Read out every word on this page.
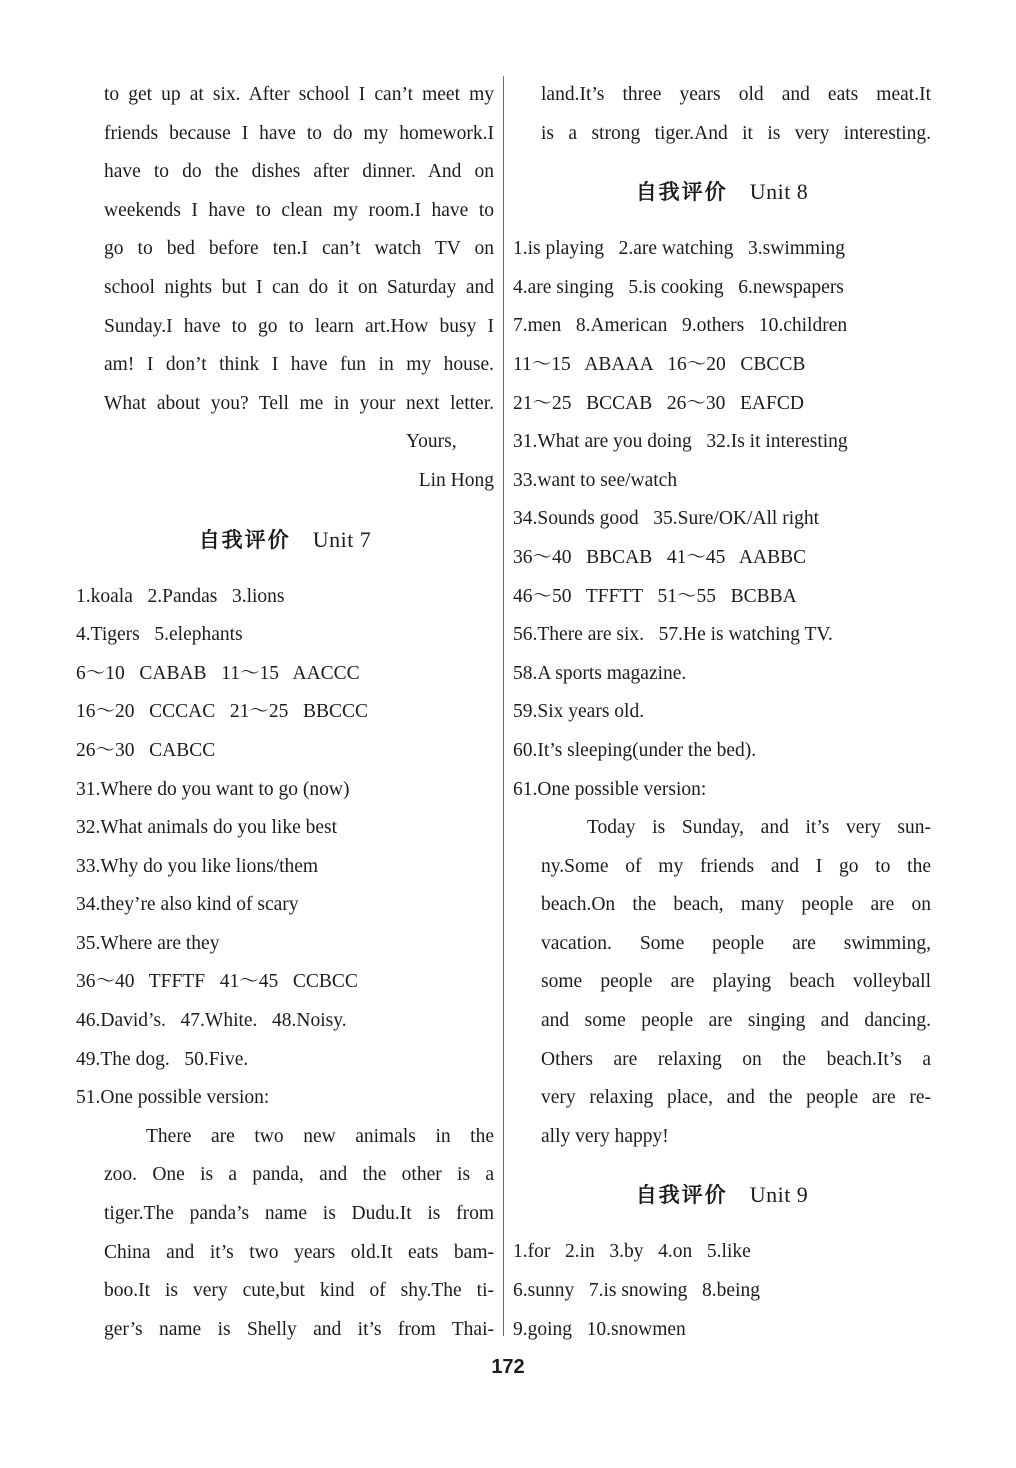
to get up at six. After school I can’t meet my
friends because I have to do my homework.I
have to do the dishes after dinner. And on
weekends I have to clean my room.I have to
go to bed before ten.I can’t watch TV on
school nights but I can do it on Saturday and
Sunday.I have to go to learn art.How busy I
am! I don’t think I have fun in my house.
What about you? Tell me in your next letter.
Yours,
Lin Hong
自我评价 Unit 7
1.koala   2.Pandas   3.lions
4.Tigers   5.elephants
6～10   CABAB   11～15   AACCC
16～20   CCCAC   21～25   BBCCC
26～30   CABCC
31.Where do you want to go (now)
32.What animals do you like best
33.Why do you like lions/them
34.they’re also kind of scary
35.Where are they
36～40   TFFTF   41～45   CCBCC
46.David’s.   47.White.   48.Noisy.
49.The dog.   50.Five.
51.One possible version:
There are two new animals in the
zoo. One is a panda, and the other is a
tiger.The panda’s name is Dudu.It is from
China and it’s two years old.It eats bam-
boo.It is very cute,but kind of shy.The ti-
ger’s name is Shelly and it’s from Thai-
land.It’s three years old and eats meat.It
is a strong tiger.And it is very interesting.
自我评价 Unit 8
1.is playing   2.are watching   3.swimming
4.are singing   5.is cooking   6.newspapers
7.men   8.American   9.others   10.children
11～15   ABAAA   16～20   CBCCB
21～25   BCCAB   26～30   EAFCD
31.What are you doing   32.Is it interesting
33.want to see/watch
34.Sounds good   35.Sure/OK/All right
36～40   BBCAB   41～45   AABBC
46～50   TFFTT   51～55   BCBBA
56.There are six.   57.He is watching TV.
58.A sports magazine.
59.Six years old.
60.It’s sleeping(under the bed).
61.One possible version:
Today is Sunday, and it’s very sun-
ny.Some of my friends and I go to the
beach.On the beach, many people are on
vacation. Some people are swimming,
some people are playing beach volleyball
and some people are singing and dancing.
Others are relaxing on the beach.It’s a
very relaxing place, and the people are re-
ally very happy!
自我评价 Unit 9
1.for   2.in   3.by   4.on   5.like
6.sunny   7.is snowing   8.being
9.going   10.snowmen
172
